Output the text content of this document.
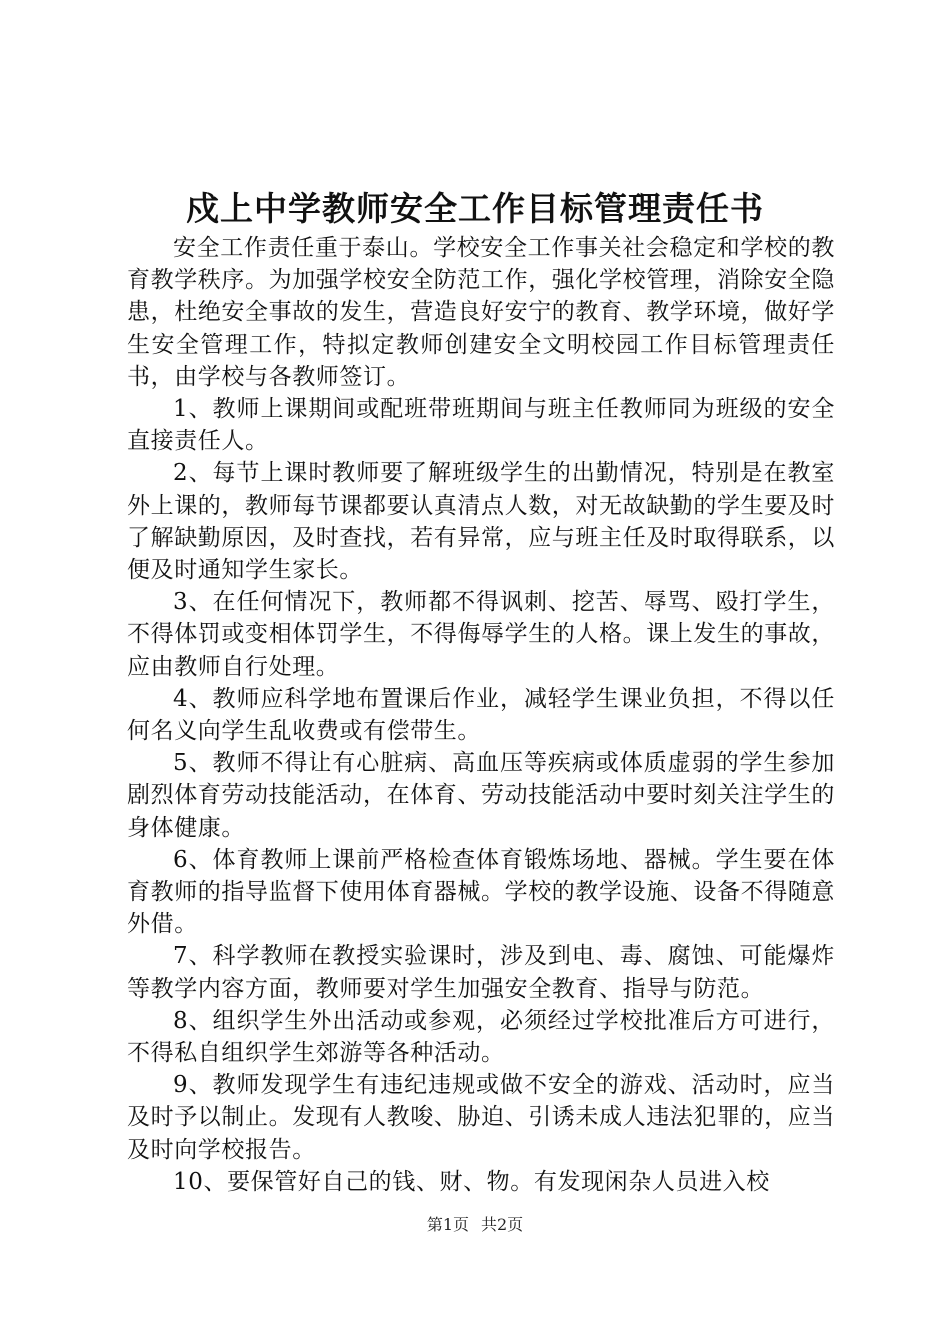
戍上中学教师安全工作目标管理责任书

安全工作责任重于泰山。学校安全工作事关社会稳定和学校的教育教学秩序。为加强学校安全防范工作，强化学校管理，消除安全隐患，杜绝安全事故的发生，营造良好安宁的教育、教学环境，做好学生安全管理工作，特拟定教师创建安全文明校园工作目标管理责任书，由学校与各教师签订。

1、教师上课期间或配班带班期间与班主任教师同为班级的安全直接责任人。

2、每节上课时教师要了解班级学生的出勤情况，特别是在教室外上课的，教师每节课都要认真清点人数，对无故缺勤的学生要及时了解缺勤原因，及时查找，若有异常，应与班主任及时取得联系，以便及时通知学生家长。

3、在任何情况下，教师都不得讽刺、挖苦、辱骂、殴打学生，不得体罚或变相体罚学生，不得侮辱学生的人格。课上发生的事故，应由教师自行处理。

4、教师应科学地布置课后作业，减轻学生课业负担，不得以任何名义向学生乱收费或有偿带生。

5、教师不得让有心脏病、高血压等疾病或体质虚弱的学生参加剧烈体育劳动技能活动，在体育、劳动技能活动中要时刻关注学生的身体健康。

6、体育教师上课前严格检查体育锻炼场地、器械。学生要在体育教师的指导监督下使用体育器械。学校的教学设施、设备不得随意外借。

7、科学教师在教授实验课时，涉及到电、毒、腐蚀、可能爆炸等教学内容方面，教师要对学生加强安全教育、指导与防范。

8、组织学生外出活动或参观，必须经过学校批准后方可进行，不得私自组织学生郊游等各种活动。

9、教师发现学生有违纪违规或做不安全的游戏、活动时，应当及时予以制止。发现有人教唆、胁迫、引诱未成人违法犯罪的，应当及时向学校报告。

10、要保管好自己的钱、财、物。有发现闲杂人员进入校

第1页 共2页
